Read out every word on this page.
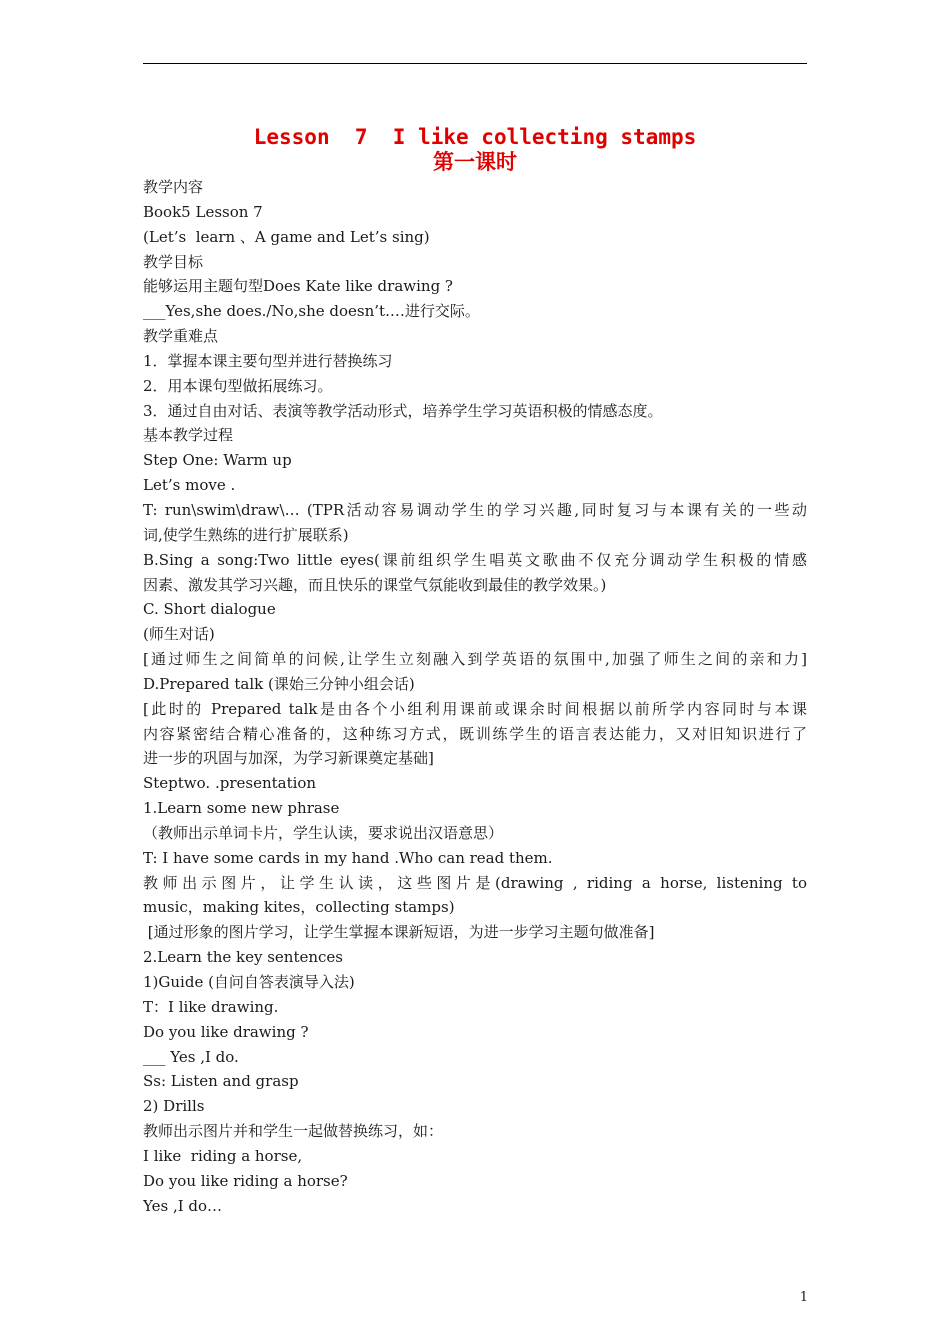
Lesson  7  I like collecting stamps
第一课时
教学内容
Book5 Lesson 7
(Let’s  learn 、A game and Let’s sing)
教学目标
能够运用主题句型Does Kate like drawing ?
___Yes,she does./No,she doesn’t.…进行交际。
教学重难点
1．掌握本课主要句型并进行替换练习
2．用本课句型做拓展练习。
3．通过自由对话、表演等教学活动形式，培养学生学习英语积极的情感态度。
基本教学过程
Step One: Warm up
Let’s move .
T: run\swim\draw\… (TPR活动容易调动学生的学习兴趣,同时复习与本课有关的一些动
词,使学生熟练的进行扩展联系)
B.Sing a song:Two little eyes(课前组织学生唱英文歌曲不仅充分调动学生积极的情感
因素、激发其学习兴趣，而且快乐的课堂气氛能收到最佳的教学效果。)
C. Short dialogue
(师生对话)
[通过师生之间简单的问候,让学生立刻融入到学英语的氛围中,加强了师生之间的亲和力]
D.Prepared talk (课始三分钟小组会话)
[此时的 Prepared talk是由各个小组利用课前或课余时间根据以前所学内容同时与本课
内容紧密结合精心准备的，这种练习方式，既训练学生的语言表达能力，又对旧知识进行了
进一步的巩固与加深，为学习新课奠定基础]
Steptwo. .presentation
1.Learn some new phrase
（教师出示单词卡片，学生认读，要求说出汉语意思）
T: I have some cards in my hand .Who can read them.
教师出示图片，让学生认读，这些图片是(drawing , riding a horse, listening to
music，making kites，collecting stamps)
[通过形象的图片学习，让学生掌握本课新短语，为进一步学习主题句做准备]
2.Learn the key sentences
1)Guide (自问自答表演导入法)
T：I like drawing.
Do you like drawing ?
___ Yes ,I do.
Ss: Listen and grasp
2) Drills
教师出示图片并和学生一起做替换练习，如：
I like  riding a horse,
Do you like riding a horse?
Yes ,I do…
1
